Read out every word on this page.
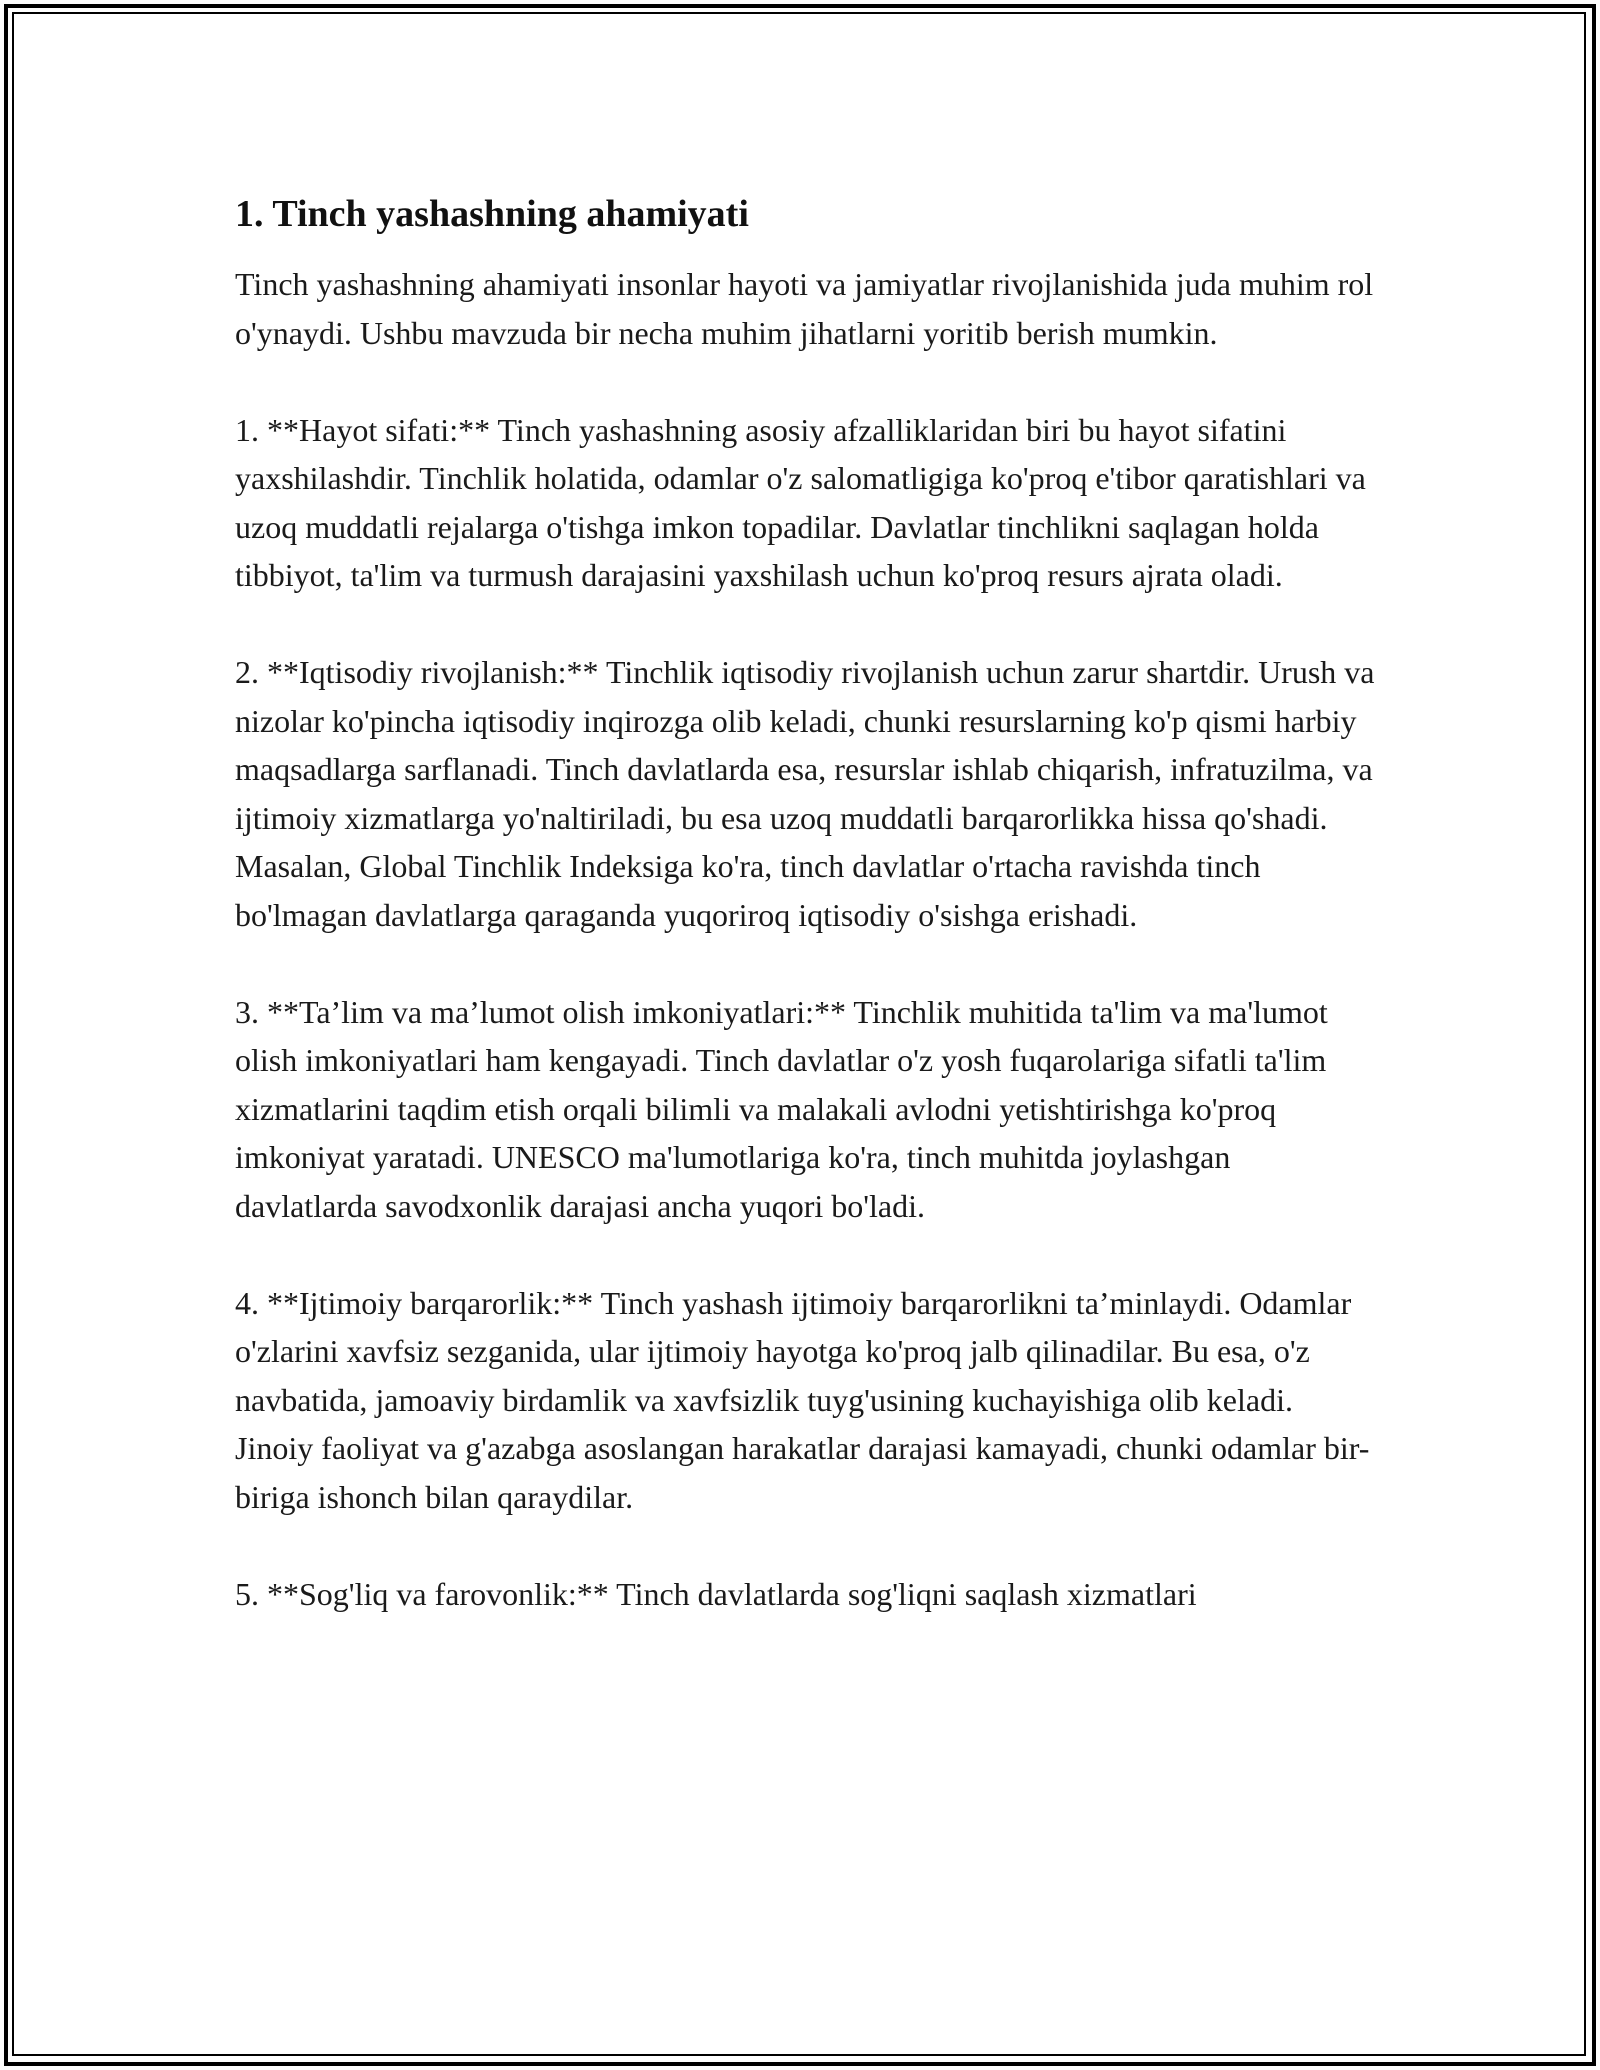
1. Tinch yashashning ahamiyati

Tinch yashashning ahamiyati insonlar hayoti va jamiyatlar rivojlanishida juda muhim rol o'ynaydi. Ushbu mavzuda bir necha muhim jihatlarni yoritib berish mumkin.

1. **Hayot sifati:** Tinch yashashning asosiy afzalliklaridan biri bu hayot sifatini yaxshilashdir. Tinchlik holatida, odamlar o'z salomatligiga ko'proq e'tibor qaratishlari va uzoq muddatli rejalarga o'tishga imkon topadilar. Davlatlar tinchlikni saqlagan holda tibbiyot, ta'lim va turmush darajasini yaxshilash uchun ko'proq resurs ajrata oladi.

2. **Iqtisodiy rivojlanish:** Tinchlik iqtisodiy rivojlanish uchun zarur shartdir. Urush va nizolar ko'pincha iqtisodiy inqirozga olib keladi, chunki resurslarning ko'p qismi harbiy maqsadlarga sarflanadi. Tinch davlatlarda esa, resurslar ishlab chiqarish, infratuzilma, va ijtimoiy xizmatlarga yo'naltiriladi, bu esa uzoq muddatli barqarorlikka hissa qo'shadi. Masalan, Global Tinchlik Indeksiga ko'ra, tinch davlatlar o'rtacha ravishda tinch bo'lmagan davlatlarga qaraganda yuqoriroq iqtisodiy o'sishga erishadi.

3. **Ta’lim va ma’lumot olish imkoniyatlari:** Tinchlik muhitida ta'lim va ma'lumot olish imkoniyatlari ham kengayadi. Tinch davlatlar o'z yosh fuqarolariga sifatli ta'lim xizmatlarini taqdim etish orqali bilimli va malakali avlodni yetishtirishga ko'proq imkoniyat yaratadi. UNESCO ma'lumotlariga ko'ra, tinch muhitda joylashgan davlatlarda savodxonlik darajasi ancha yuqori bo'ladi.

4. **Ijtimoiy barqarorlik:** Tinch yashash ijtimoiy barqarorlikni ta’minlaydi. Odamlar o'zlarini xavfsiz sezganida, ular ijtimoiy hayotga ko'proq jalb qilinadilar. Bu esa, o'z navbatida, jamoaviy birdamlik va xavfsizlik tuyg'usining kuchayishiga olib keladi. Jinoiy faoliyat va g'azabga asoslangan harakatlar darajasi kamayadi, chunki odamlar bir-biriga ishonch bilan qaraydilar.

5. **Sog'liq va farovonlik:** Tinch davlatlarda sog'liqni saqlash xizmatlari
